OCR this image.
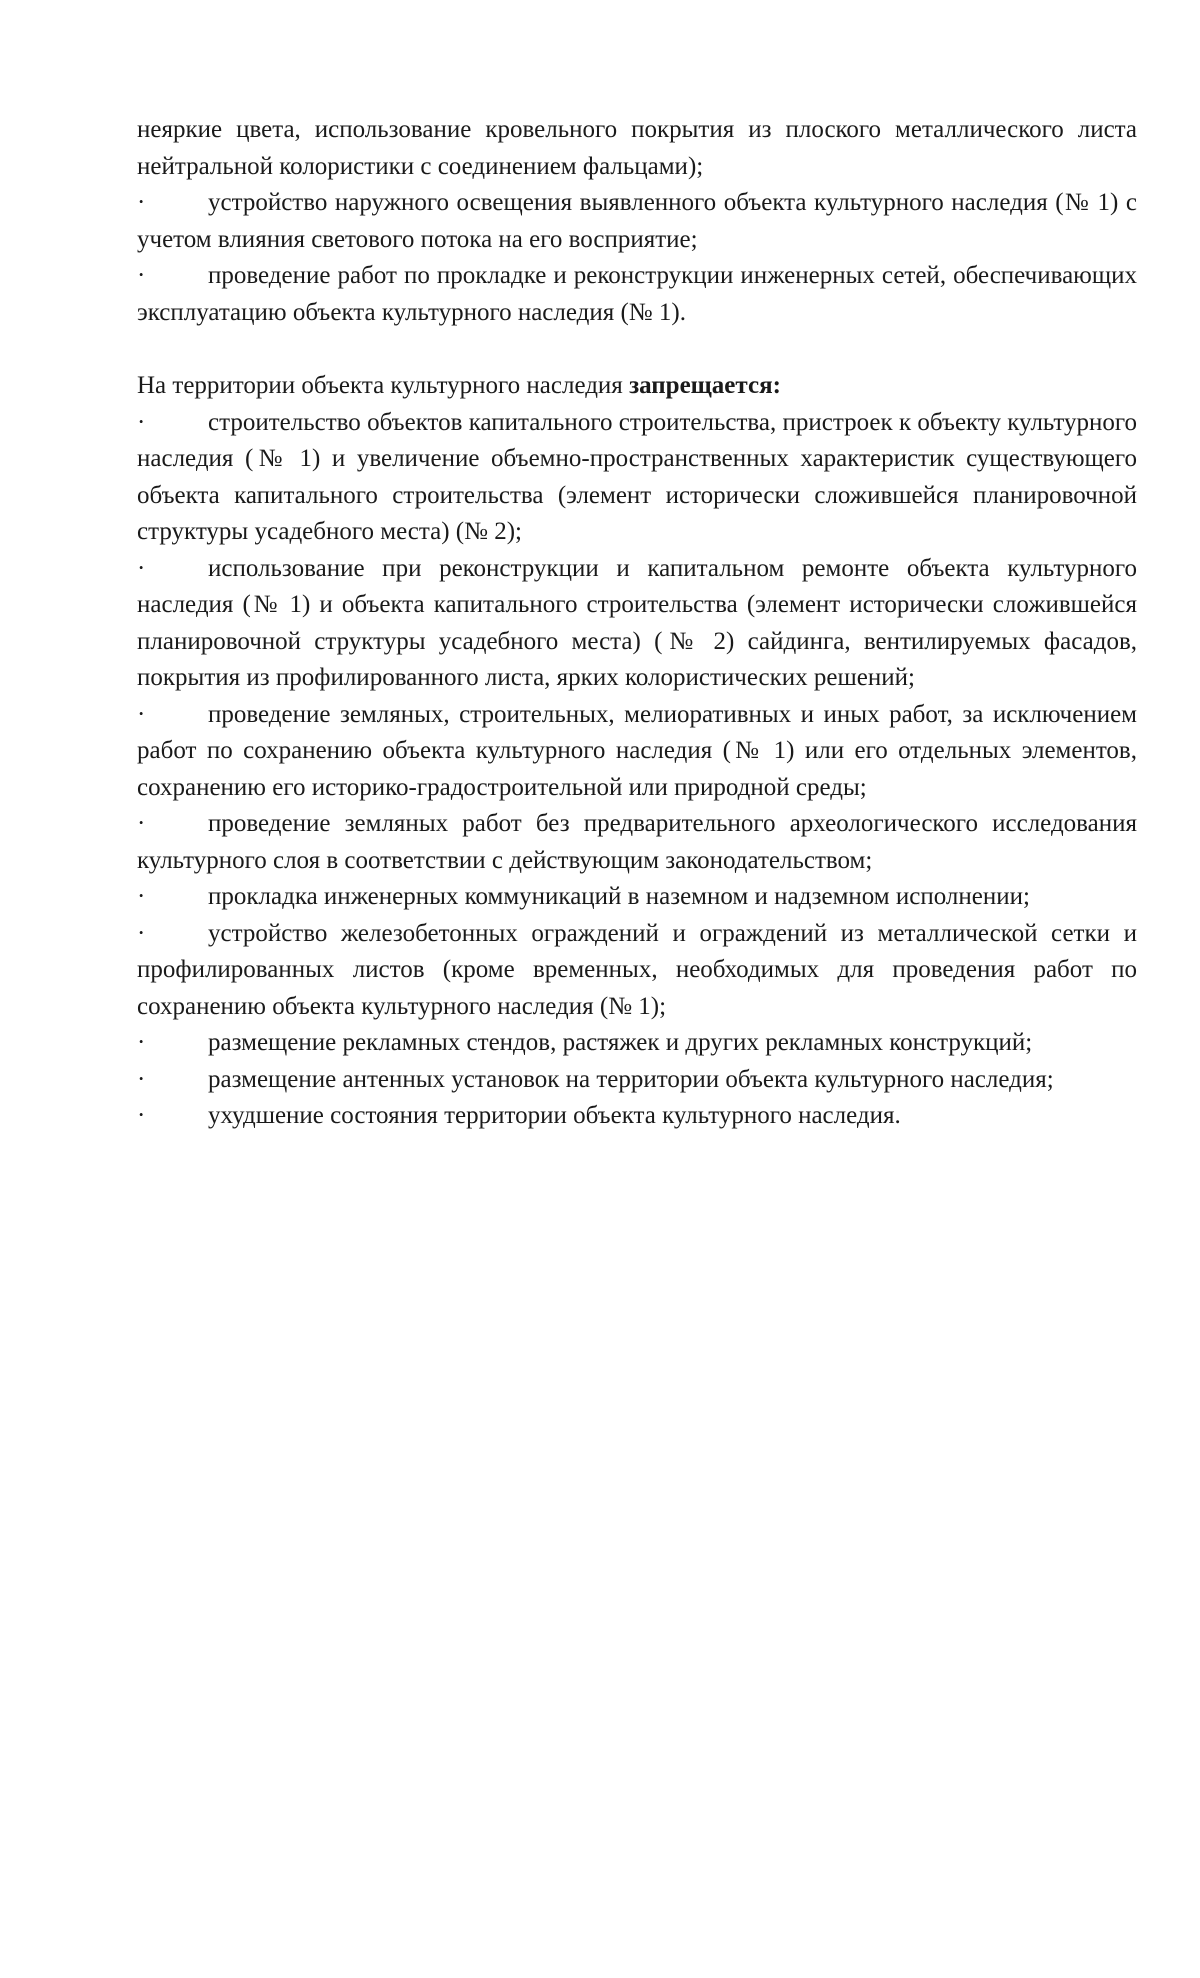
неяркие цвета, использование кровельного покрытия из плоского металлического листа нейтральной колористики с соединением фальцами);

·	устройство наружного освещения выявленного объекта культурного наследия (№ 1) с учетом влияния светового потока на его восприятие;

·	проведение работ по прокладке и реконструкции инженерных сетей, обеспечивающих эксплуатацию объекта культурного наследия (№ 1).

На территории объекта культурного наследия запрещается:

·	строительство объектов капитального строительства, пристроек к объекту культурного наследия (№ 1) и увеличение объемно-пространственных характеристик существующего объекта капитального строительства (элемент исторически сложившейся планировочной структуры усадебного места) (№ 2);

·	использование при реконструкции и капитальном ремонте объекта культурного наследия (№ 1) и объекта капитального строительства (элемент исторически сложившейся планировочной структуры усадебного места) (№ 2) сайдинга, вентилируемых фасадов, покрытия из профилированного листа, ярких колористических решений;

·	проведение земляных, строительных, мелиоративных и иных работ, за исключением работ по сохранению объекта культурного наследия (№ 1) или его отдельных элементов, сохранению его историко-градостроительной или природной среды;

·	проведение земляных работ без предварительного археологического исследования культурного слоя в соответствии с действующим законодательством;

·	прокладка инженерных коммуникаций в наземном и надземном исполнении;

·	устройство железобетонных ограждений и ограждений из металлической сетки и профилированных листов (кроме временных, необходимых для проведения работ по сохранению объекта культурного наследия (№ 1);

·	размещение рекламных стендов, растяжек и других рекламных конструкций;

·	размещение антенных установок на территории объекта культурного наследия;

·	ухудшение состояния территории объекта культурного наследия.
